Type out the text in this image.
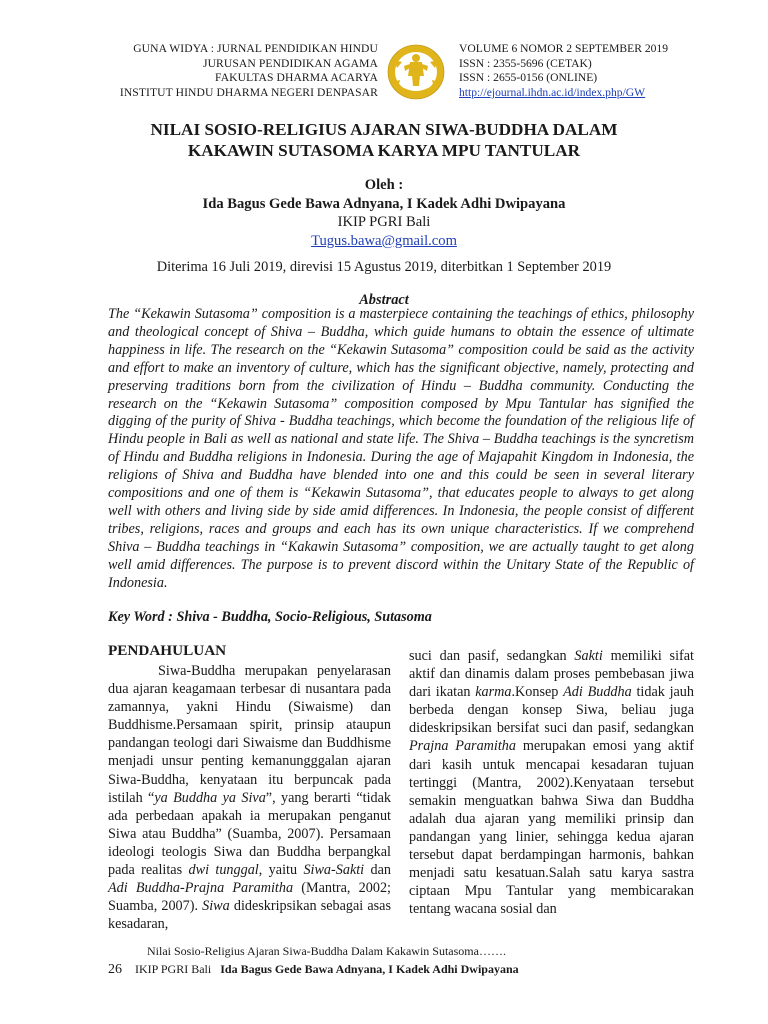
GUNA WIDYA : JURNAL PENDIDIKAN HINDU
JURUSAN PENDIDIKAN AGAMA
FAKULTAS DHARMA ACARYA
INSTITUT HINDU DHARMA NEGERI DENPASAR
VOLUME 6 NOMOR 2 SEPTEMBER 2019
ISSN : 2355-5696 (CETAK)
ISSN : 2655-0156 (ONLINE)
http://ejournal.ihdn.ac.id/index.php/GW
NILAI SOSIO-RELIGIUS AJARAN SIWA-BUDDHA DALAM
KAKAWIN SUTASOMA KARYA MPU TANTULAR
Oleh :
Ida Bagus Gede Bawa Adnyana, I Kadek Adhi Dwipayana
IKIP PGRI Bali
Tugus.bawa@gmail.com
Diterima 16 Juli 2019, direvisi 15 Agustus 2019, diterbitkan 1 September 2019
Abstract
The “Kekawin Sutasoma” composition is a masterpiece containing the teachings of ethics, philosophy and theological concept of Shiva – Buddha, which guide humans to obtain the essence of ultimate happiness in life. The research on the “Kekawin Sutasoma” composition could be said as the activity and effort to make an inventory of culture, which has the significant objective, namely, protecting and preserving traditions born from the civilization of Hindu – Buddha community. Conducting the research on the “Kekawin Sutasoma” composition composed by Mpu Tantular has signified the digging of the purity of Shiva - Buddha teachings, which become the foundation of the religious life of Hindu people in Bali as well as national and state life. The Shiva – Buddha teachings is the syncretism of Hindu and Buddha religions in Indonesia. During the age of Majapahit Kingdom in Indonesia, the religions of Shiva and Buddha have blended into one and this could be seen in several literary compositions and one of them is “Kekawin Sutasoma”, that educates people to always to get along well with others and living side by side amid differences. In Indonesia, the people consist of different tribes, religions, races and groups and each has its own unique characteristics. If we comprehend Shiva – Buddha teachings in “Kakawin Sutasoma” composition, we are actually taught to get along well amid differences. The purpose is to prevent discord within the Unitary State of the Republic of Indonesia.
Key Word : Shiva - Buddha, Socio-Religious, Sutasoma
PENDAHULUAN

Siwa-Buddha merupakan penyelarasan dua ajaran keagamaan terbesar di nusantara pada zamannya, yakni Hindu (Siwaisme) dan Buddhisme.Persamaan spirit, prinsip ataupun pandangan teologi dari Siwaisme dan Buddhisme menjadi unsur penting kemanungggalan ajaran Siwa-Buddha, kenyataan itu berpuncak pada istilah “ya Buddha ya Siva”, yang berarti “tidak ada perbedaan apakah ia merupakan penganut Siwa atau Buddha” (Suamba, 2007). Persamaan ideologi teologis Siwa dan Buddha berpangkal pada realitas dwi tunggal, yaitu Siwa-Sakti dan Adi Buddha-Prajna Paramitha (Mantra, 2002; Suamba, 2007). Siwa dideskripsikan sebagai asas kesadaran,

suci dan pasif, sedangkan Sakti memiliki sifat aktif dan dinamis dalam proses pembebasan jiwa dari ikatan karma.Konsep Adi Buddha tidak jauh berbeda dengan konsep Siwa, beliau juga dideskripsikan bersifat suci dan pasif, sedangkan Prajna Paramitha merupakan emosi yang aktif dari kasih untuk mencapai kesadaran tujuan tertinggi (Mantra, 2002).Kenyataan tersebut semakin menguatkan bahwa Siwa dan Buddha adalah dua ajaran yang memiliki prinsip dan pandangan yang linier, sehingga kedua ajaran tersebut dapat berdampingan harmonis, bahkan menjadi satu kesatuan.Salah satu karya sastra ciptaan Mpu Tantular yang membicarakan tentang wacana sosial dan

Nilai Sosio-Religius Ajaran Siwa-Buddha Dalam Kakawin Sutasoma…….
26 IKIP PGRI Bali Ida Bagus Gede Bawa Adnyana, I Kadek Adhi Dwipayana
